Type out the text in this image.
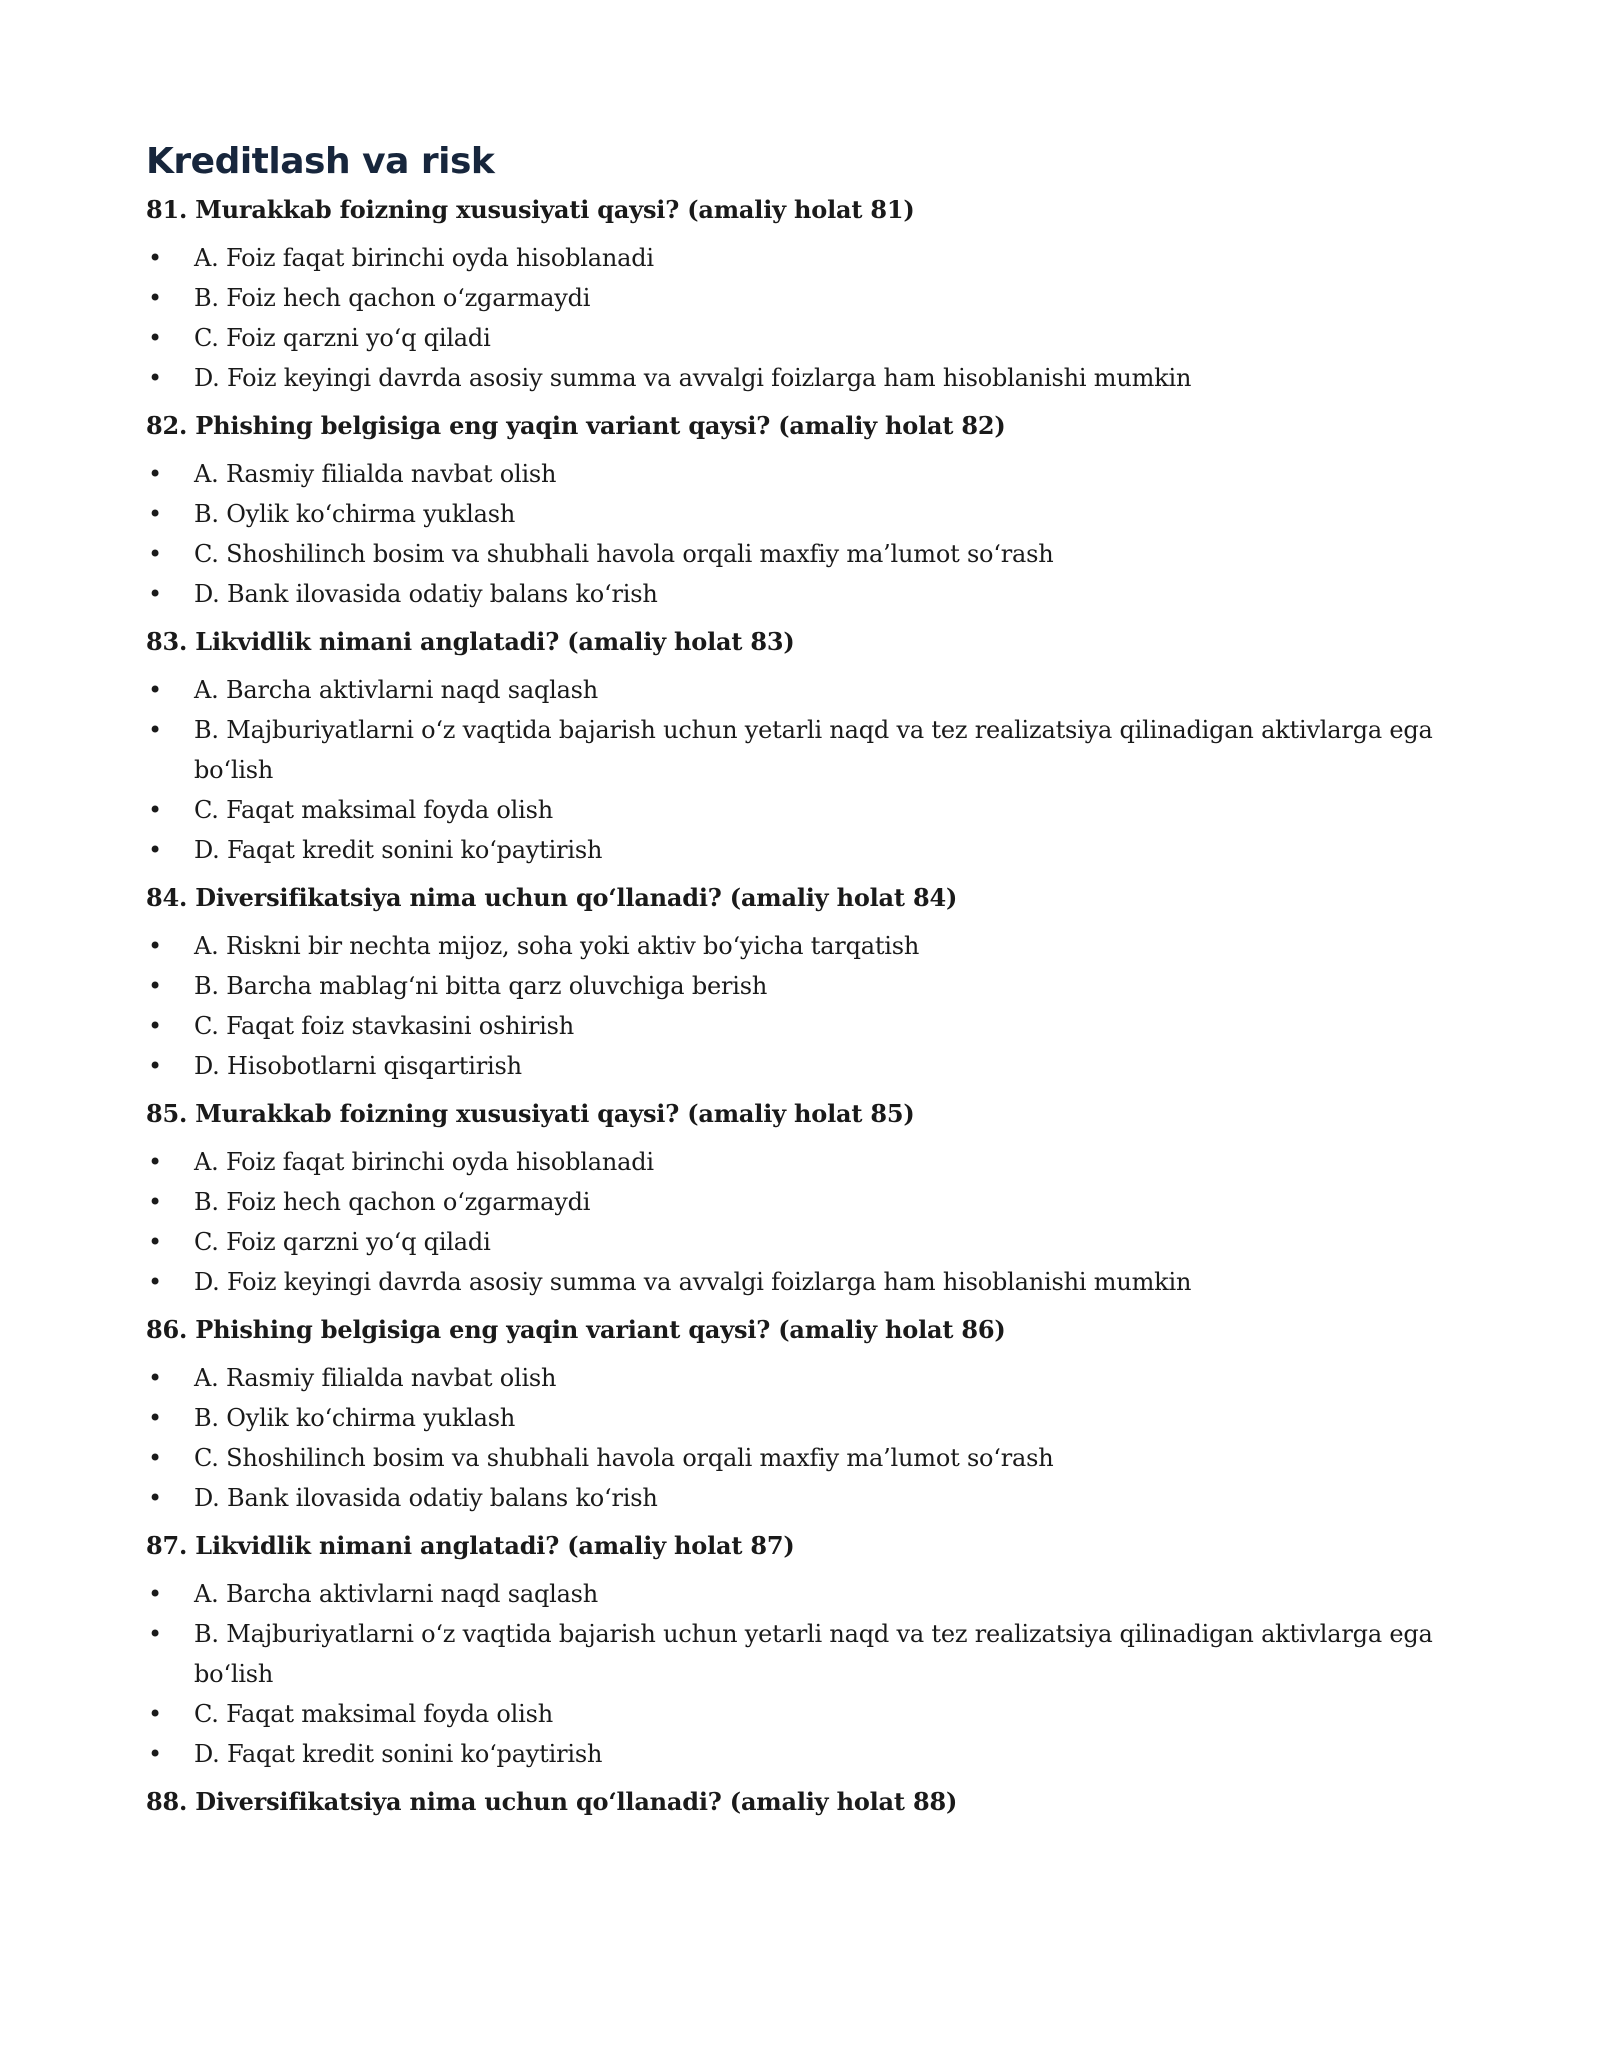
Kreditlash va risk

81. Murakkab foizning xususiyati qaysi? (amaliy holat 81)

• A. Foiz faqat birinchi oyda hisoblanadi
• B. Foiz hech qachon o‘zgarmaydi
• C. Foiz qarzni yo‘q qiladi
• D. Foiz keyingi davrda asosiy summa va avvalgi foizlarga ham hisoblanishi mumkin

82. Phishing belgisiga eng yaqin variant qaysi? (amaliy holat 82)

• A. Rasmiy filialda navbat olish
• B. Oylik ko‘chirma yuklash
• C. Shoshilinch bosim va shubhali havola orqali maxfiy ma’lumot so‘rash
• D. Bank ilovasida odatiy balans ko‘rish

83. Likvidlik nimani anglatadi? (amaliy holat 83)

• A. Barcha aktivlarni naqd saqlash
• B. Majburiyatlarni o‘z vaqtida bajarish uchun yetarli naqd va tez realizatsiya qilinadigan aktivlarga ega bo‘lish
• C. Faqat maksimal foyda olish
• D. Faqat kredit sonini ko‘paytirish

84. Diversifikatsiya nima uchun qo‘llanadi? (amaliy holat 84)

• A. Riskni bir nechta mijoz, soha yoki aktiv bo‘yicha tarqatish
• B. Barcha mablag‘ni bitta qarz oluvchiga berish
• C. Faqat foiz stavkasini oshirish
• D. Hisobotlarni qisqartirish

85. Murakkab foizning xususiyati qaysi? (amaliy holat 85)

• A. Foiz faqat birinchi oyda hisoblanadi
• B. Foiz hech qachon o‘zgarmaydi
• C. Foiz qarzni yo‘q qiladi
• D. Foiz keyingi davrda asosiy summa va avvalgi foizlarga ham hisoblanishi mumkin

86. Phishing belgisiga eng yaqin variant qaysi? (amaliy holat 86)

• A. Rasmiy filialda navbat olish
• B. Oylik ko‘chirma yuklash
• C. Shoshilinch bosim va shubhali havola orqali maxfiy ma’lumot so‘rash
• D. Bank ilovasida odatiy balans ko‘rish

87. Likvidlik nimani anglatadi? (amaliy holat 87)

• A. Barcha aktivlarni naqd saqlash
• B. Majburiyatlarni o‘z vaqtida bajarish uchun yetarli naqd va tez realizatsiya qilinadigan aktivlarga ega bo‘lish
• C. Faqat maksimal foyda olish
• D. Faqat kredit sonini ko‘paytirish

88. Diversifikatsiya nima uchun qo‘llanadi? (amaliy holat 88)
